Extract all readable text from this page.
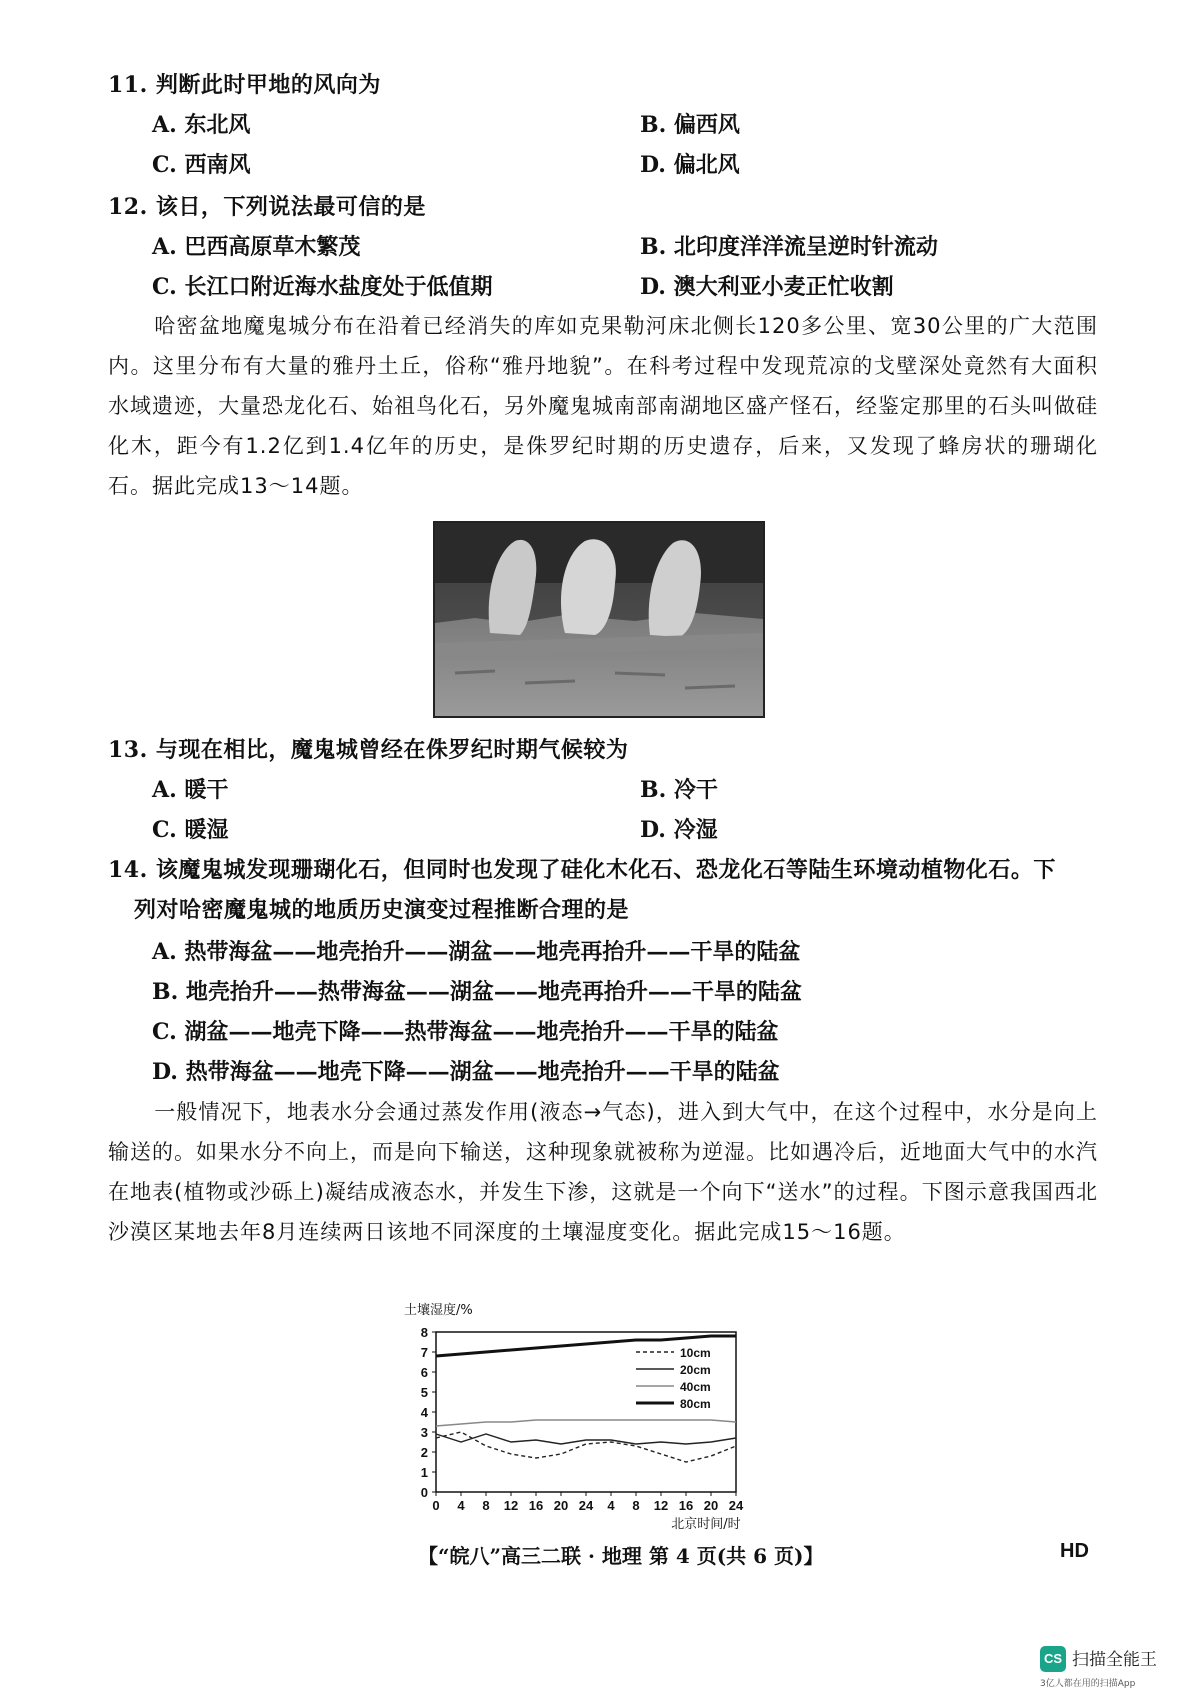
11. 判断此时甲地的风向为
A. 东北风	B. 偏西风
C. 西南风	D. 偏北风
12. 该日，下列说法最可信的是
A. 巴西高原草木繁茂	B. 北印度洋洋流呈逆时针流动
C. 长江口附近海水盐度处于低值期	D. 澳大利亚小麦正忙收割

哈密盆地魔鬼城分布在沿着已经消失的库如克果勒河床北侧长120多公里、宽30公里的广大范围内。这里分布有大量的雅丹土丘，俗称“雅丹地貌”。在科考过程中发现荒凉的戈壁深处竟然有大面积水域遗迹，大量恐龙化石、始祖鸟化石，另外魔鬼城南部南湖地区盛产怪石，经鉴定那里的石头叫做硅化木，距今有1.2亿到1.4亿年的历史，是侏罗纪时期的历史遗存，后来，又发现了蜂房状的珊瑚化石。据此完成13～14题。

13. 与现在相比，魔鬼城曾经在侏罗纪时期气候较为
A. 暖干	B. 冷干
C. 暖湿	D. 冷湿
14. 该魔鬼城发现珊瑚化石，但同时也发现了硅化木化石、恐龙化石等陆生环境动植物化石。下
列对哈密魔鬼城的地质历史演变过程推断合理的是
A. 热带海盆——地壳抬升——湖盆——地壳再抬升——干旱的陆盆
B. 地壳抬升——热带海盆——湖盆——地壳再抬升——干旱的陆盆
C. 湖盆——地壳下降——热带海盆——地壳抬升——干旱的陆盆
D. 热带海盆——地壳下降——湖盆——地壳抬升——干旱的陆盆

一般情况下，地表水分会通过蒸发作用(液态→气态)，进入到大气中，在这个过程中，水分是向上输送的。如果水分不向上，而是向下输送，这种现象就被称为逆湿。比如遇冷后，近地面大气中的水汽在地表(植物或沙砾上)凝结成液态水，并发生下渗，这就是一个向下“送水”的过程。下图示意我国西北沙漠区某地去年8月连续两日该地不同深度的土壤湿度变化。据此完成15～16题。

土壤湿度/%
0
1
2
3
4
5
6
7
8
0 4 8 12 16 20 24 4 8 12 16 20 24
北京时间/时
10cm
20cm
40cm
80cm
【“皖八”高三二联 · 地理 第 4 页(共 6 页)】	HD
CS 扫描全能王
3亿人都在用的扫描App
